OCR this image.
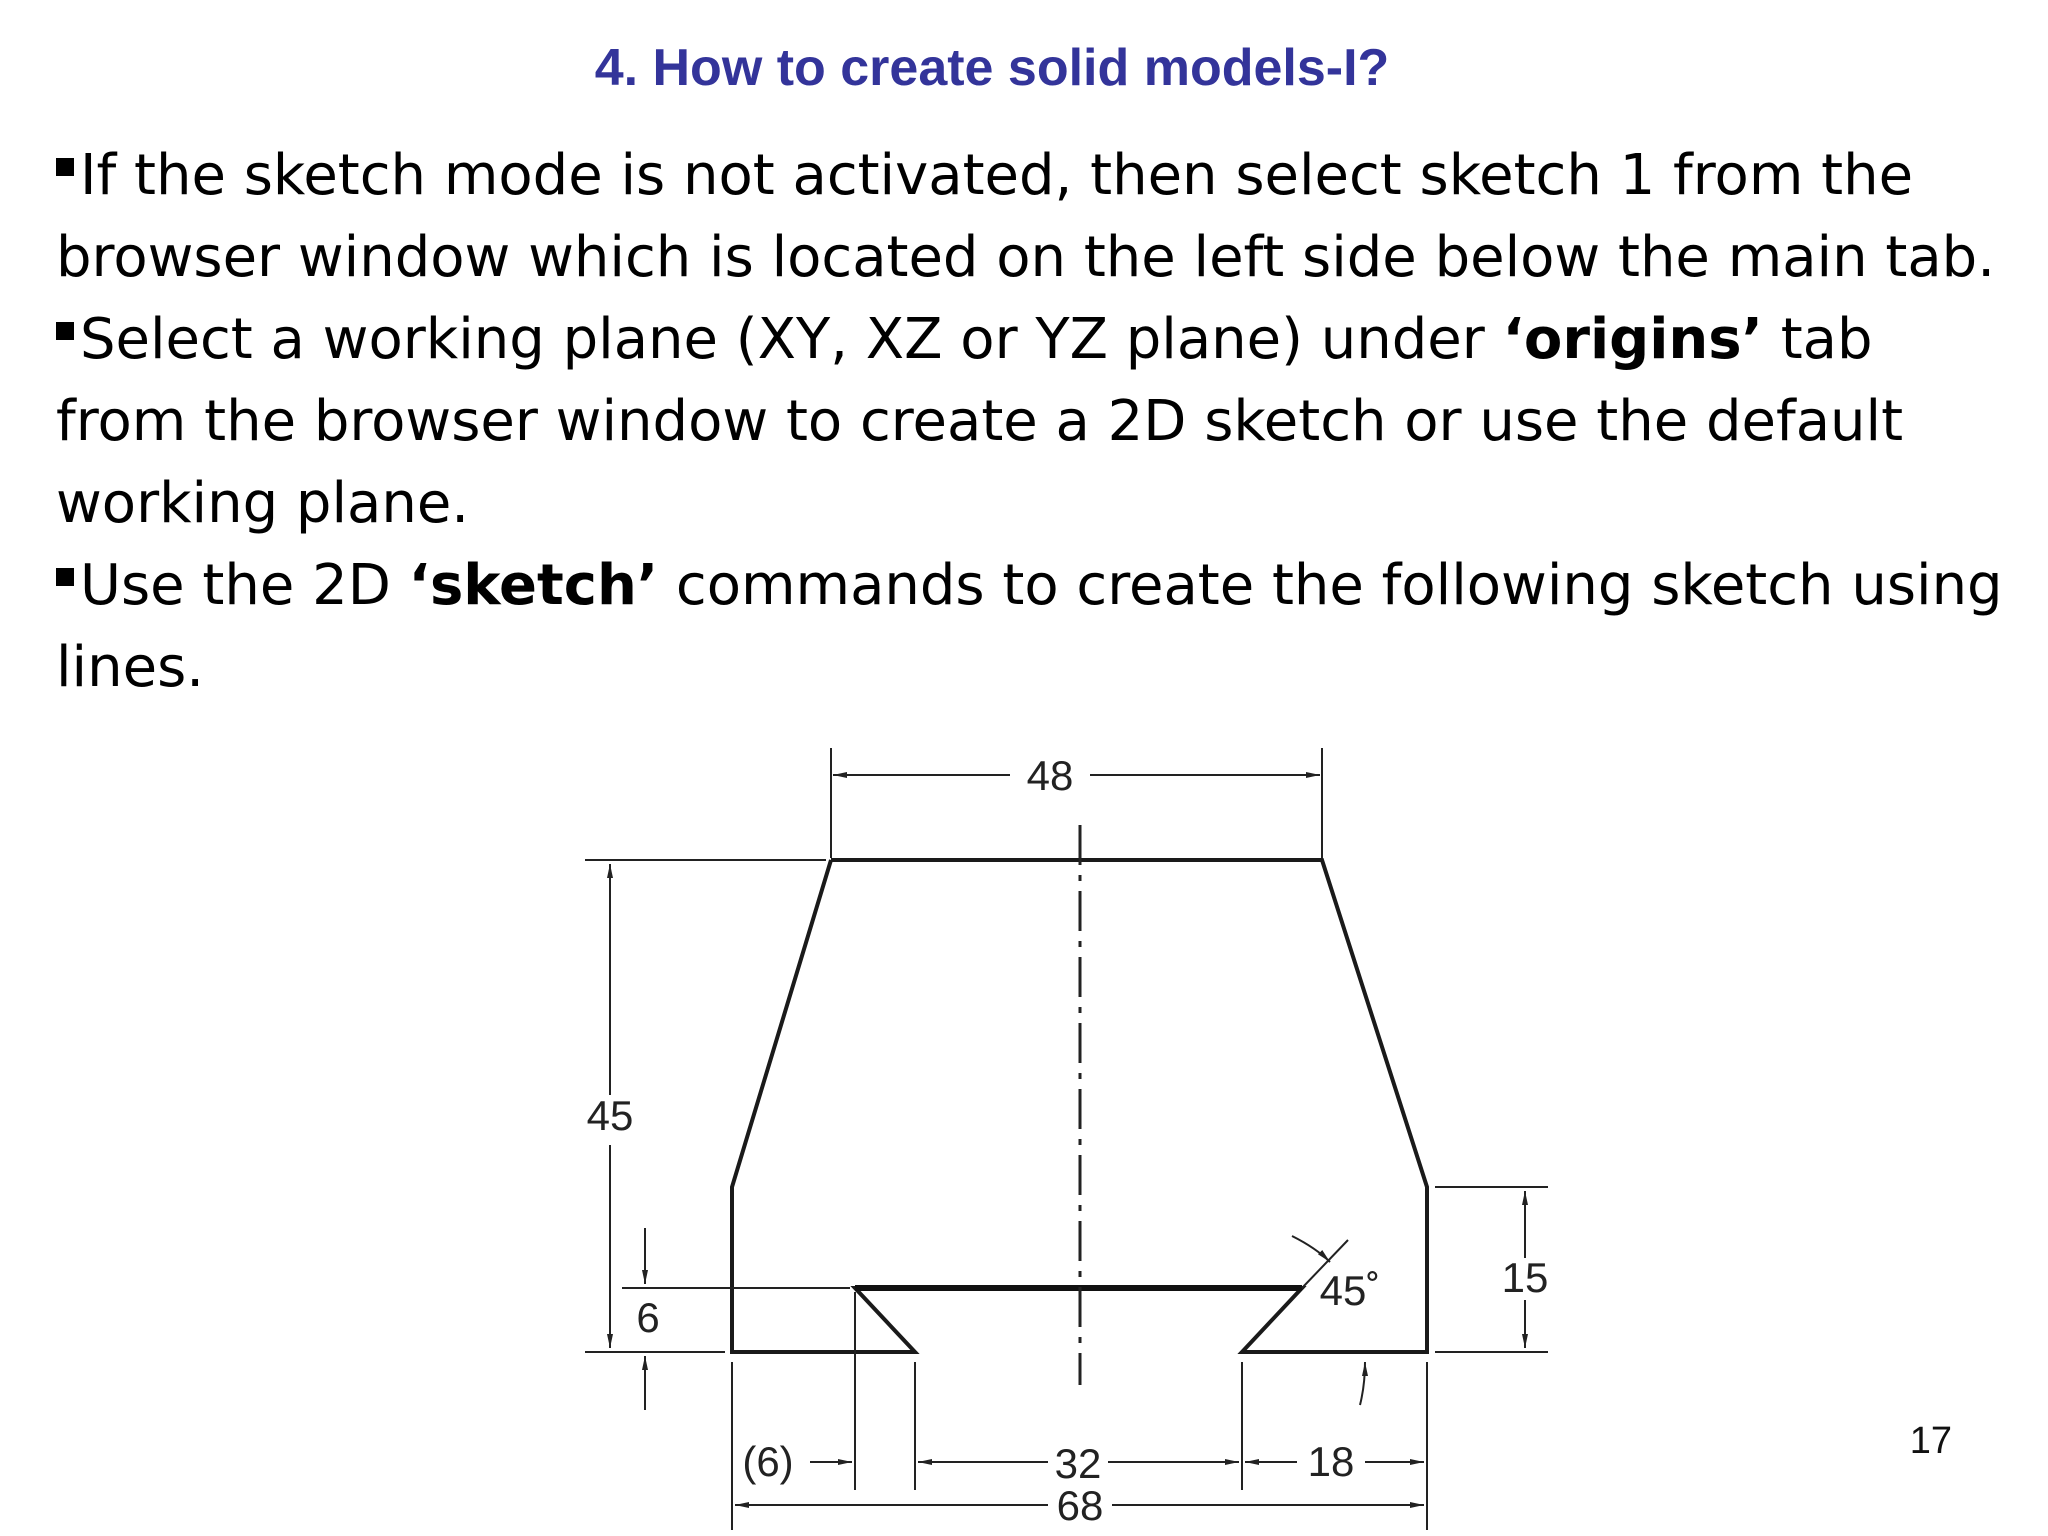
4. How to create solid models-I?

If the sketch mode is not activated, then select sketch 1 from the browser window which is located on the left side below the main tab.

Select a working plane (XY, XZ or YZ plane) under ‘origins’ tab from the browser window to create a 2D sketch or use the default working plane.

Use the 2D ‘sketch’ commands to create the following sketch using lines.

48
45
15
6
45˚
(6)	32	18
68
17
